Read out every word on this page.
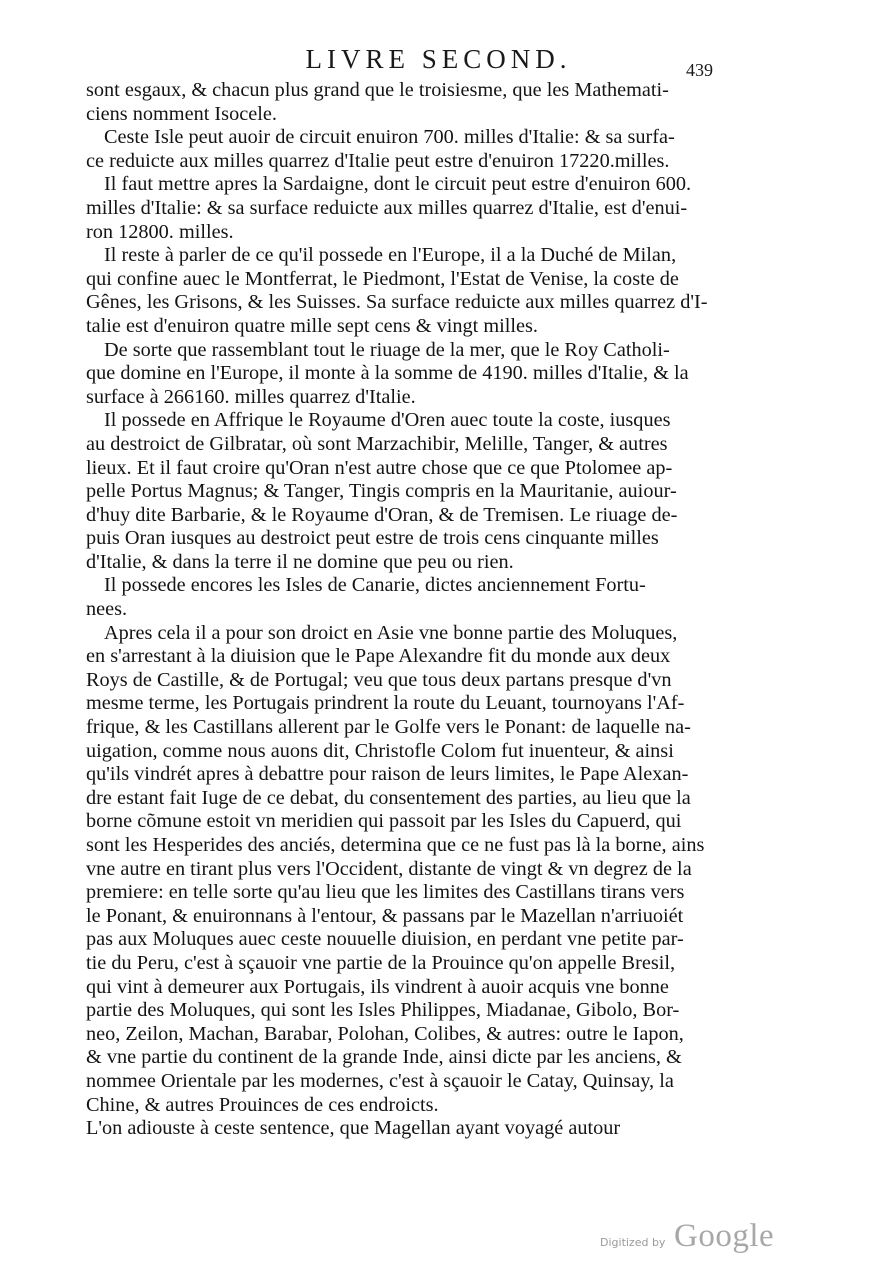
LIVRE SECOND.	439
sont esgaux, & chacun plus grand que le troisiesme, que les Mathemati-
ciens nomment Isocele.
Ceste Isle peut auoir de circuit enuiron 700. milles d'Italie: & sa surfa-
ce reduicte aux milles quarrez d'Italie peut estre d'enuiron 17220.milles.
Il faut mettre apres la Sardaigne, dont le circuit peut estre d'enuiron 600.
milles d'Italie: & sa surface reduicte aux milles quarrez d'Italie, est d'enui-
ron 12800. milles.
Il reste à parler de ce qu'il possede en l'Europe, il a la Duché de Milan,
qui confine auec le Montferrat, le Piedmont, l'Estat de Venise, la coste de
Gênes, les Grisons, & les Suisses. Sa surface reduicte aux milles quarrez d'I-
talie est d'enuiron quatre mille sept cens & vingt milles.
De sorte que rassemblant tout le riuage de la mer, que le Roy Catholi-
que domine en l'Europe, il monte à la somme de 4190. milles d'Italie, & la
surface à 266160. milles quarrez d'Italie.
Il possede en Affrique le Royaume d'Oren auec toute la coste, iusques
au destroict de Gilbratar, où sont Marzachibir, Melille, Tanger, & autres
lieux. Et il faut croire qu'Oran n'est autre chose que ce que Ptolomee ap-
pelle Portus Magnus; & Tanger, Tingis compris en la Mauritanie, auiour-
d'huy dite Barbarie, & le Royaume d'Oran, & de Tremisen. Le riuage de-
puis Oran iusques au destroict peut estre de trois cens cinquante milles
d'Italie, & dans la terre il ne domine que peu ou rien.
Il possede encores les Isles de Canarie, dictes anciennement Fortu-
nees.
Apres cela il a pour son droict en Asie vne bonne partie des Moluques,
en s'arrestant à la diuision que le Pape Alexandre fit du monde aux deux
Roys de Castille, & de Portugal; veu que tous deux partans presque d'vn
mesme terme, les Portugais prindrent la route du Leuant, tournoyans l'Af-
frique, & les Castillans allerent par le Golfe vers le Ponant: de laquelle na-
uigation, comme nous auons dit, Christofle Colom fut inuenteur, & ainsi
qu'ils vindrét apres à debattre pour raison de leurs limites, le Pape Alexan-
dre estant fait Iuge de ce debat, du consentement des parties, au lieu que la
borne cõmune estoit vn meridien qui passoit par les Isles du Capuerd, qui
sont les Hesperides des anciés, determina que ce ne fust pas là la borne, ains
vne autre en tirant plus vers l'Occident, distante de vingt & vn degrez de la
premiere: en telle sorte qu'au lieu que les limites des Castillans tirans vers
le Ponant, & enuironnans à l'entour, & passans par le Mazellan n'arriuoiét
pas aux Moluques auec ceste nouuelle diuision, en perdant vne petite par-
tie du Peru, c'est à sçauoir vne partie de la Prouince qu'on appelle Bresil,
qui vint à demeurer aux Portugais, ils vindrent à auoir acquis vne bonne
partie des Moluques, qui sont les Isles Philippes, Miadanae, Gibolo, Bor-
neo, Zeilon, Machan, Barabar, Polohan, Colibes, & autres: outre le Iapon,
& vne partie du continent de la grande Inde, ainsi dicte par les anciens, &
nommee Orientale par les modernes, c'est à sçauoir le Catay, Quinsay, la
Chine, & autres Prouinces de ces endroicts.
L'on adiouste à ceste sentence, que Magellan ayant voyagé autour
Digitized by Google
